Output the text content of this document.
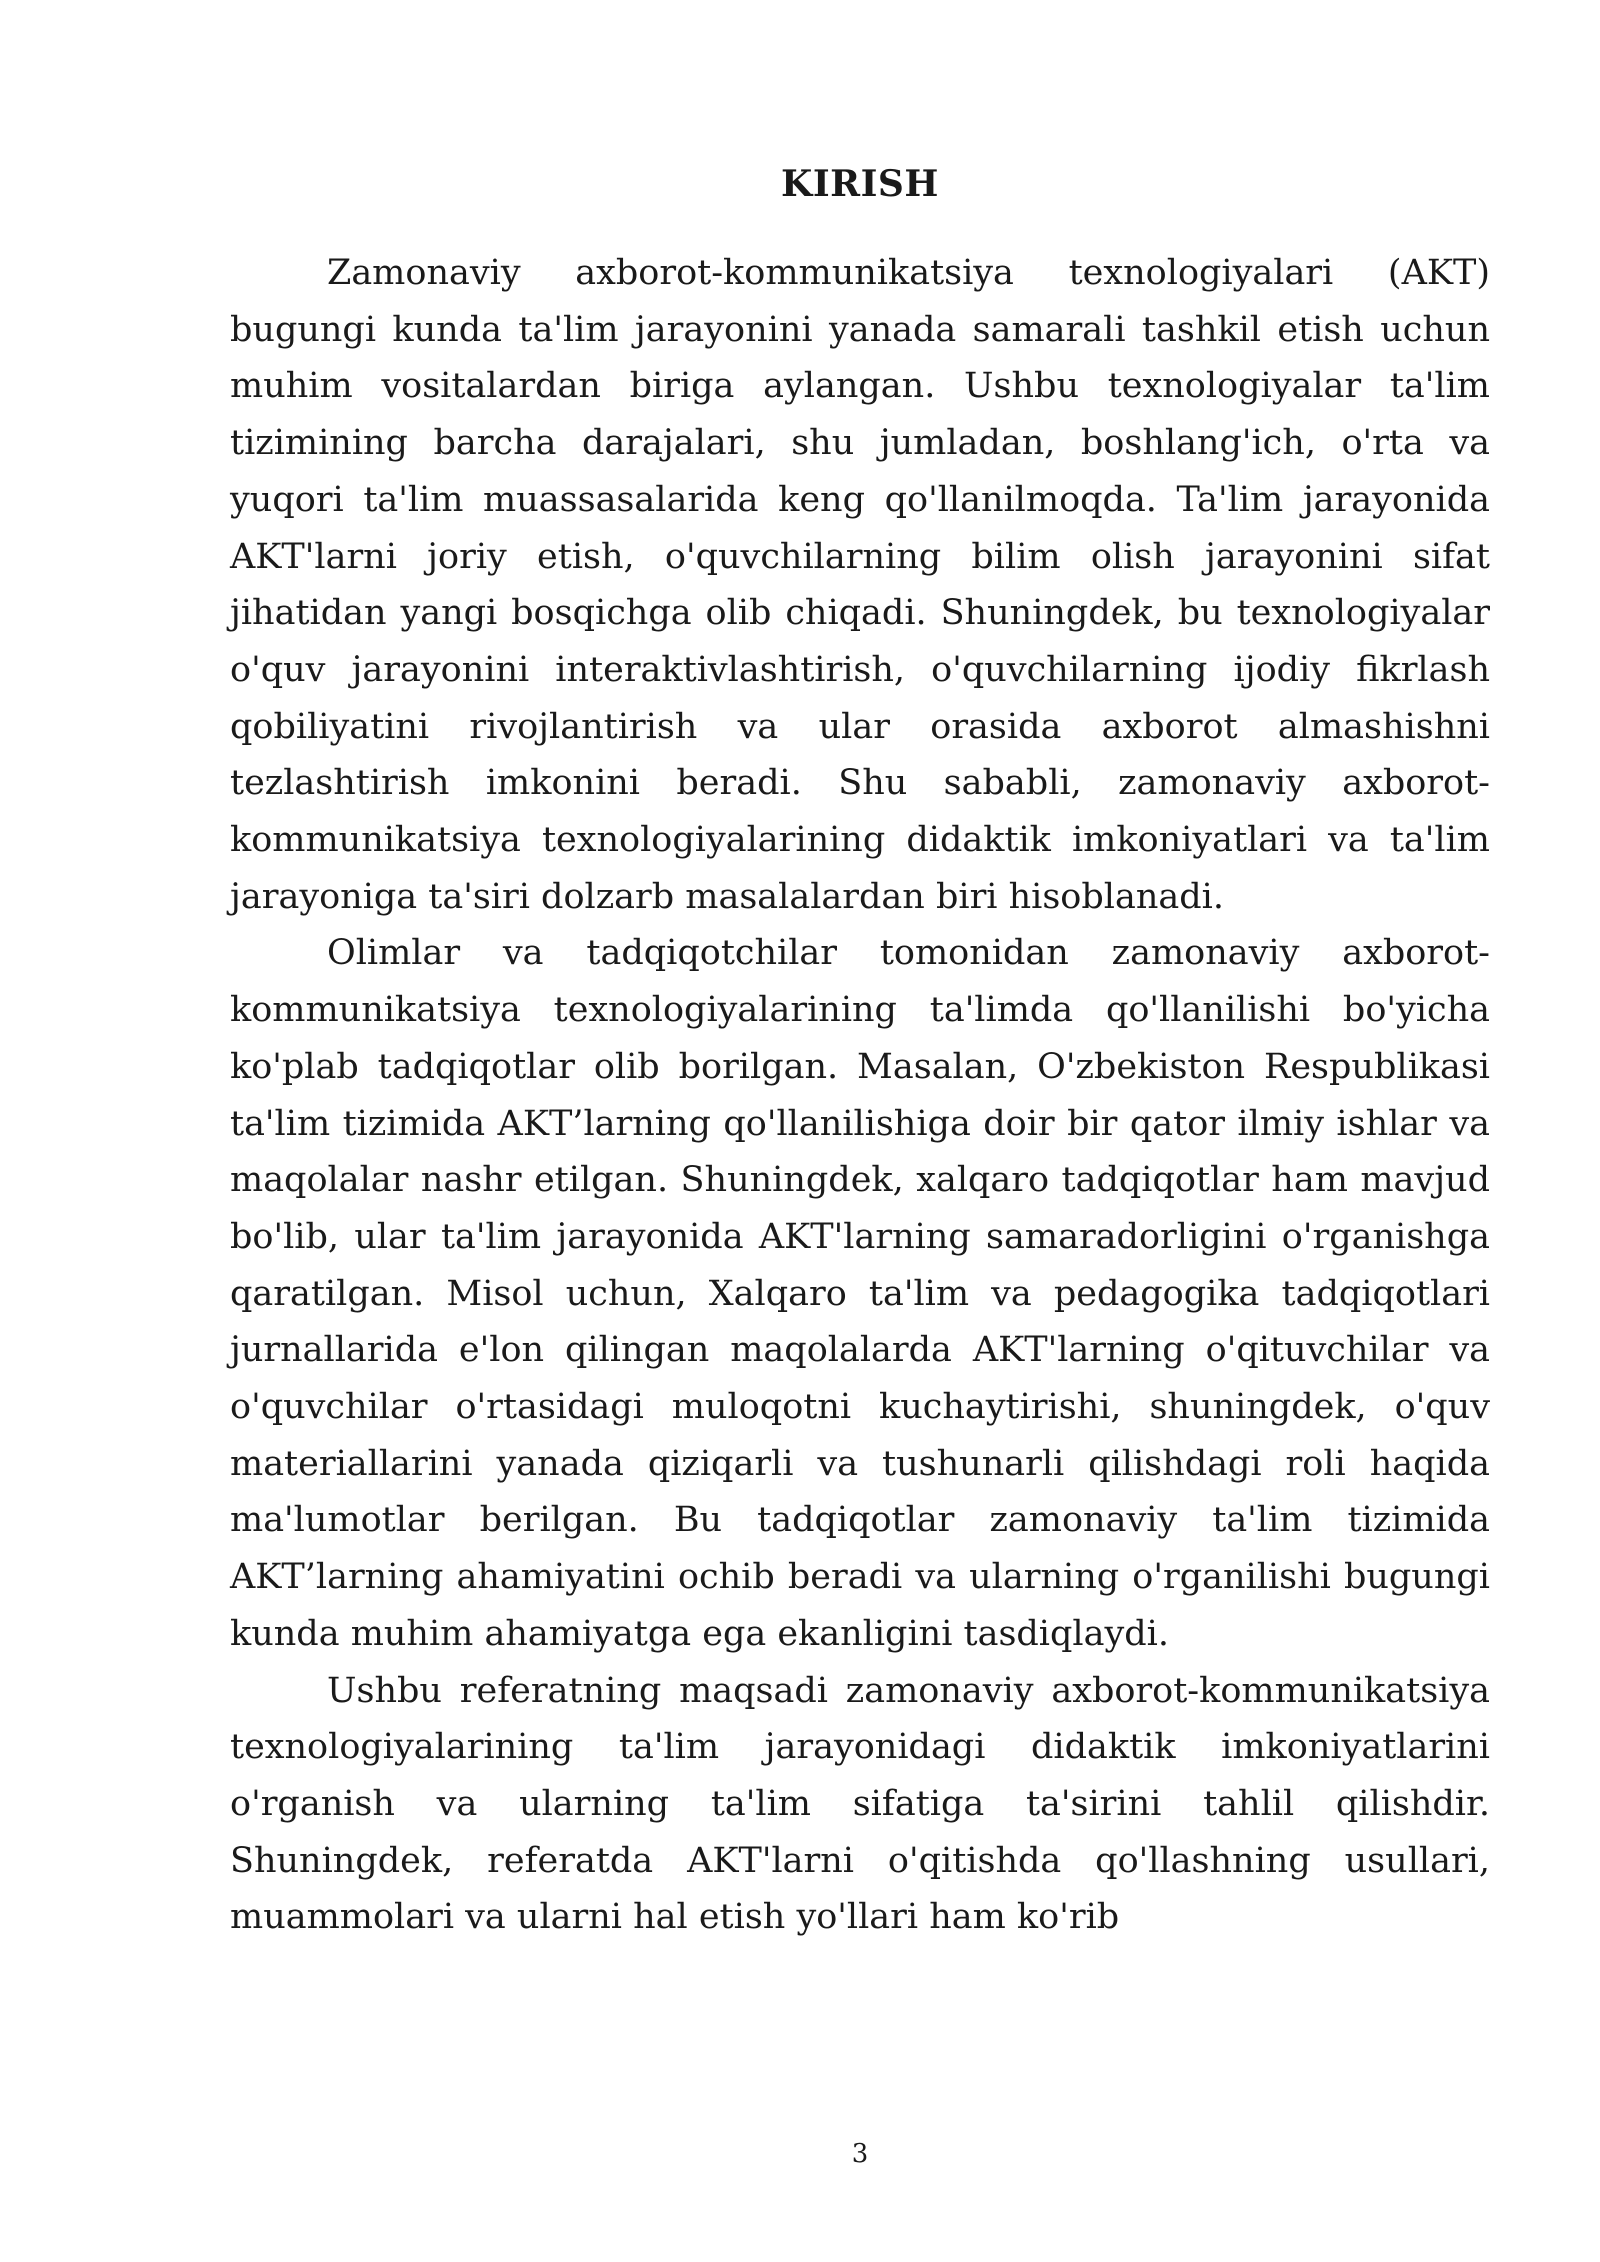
KIRISH

Zamonaviy axborot-kommunikatsiya texnologiyalari (AKT) bugungi kunda ta'lim jarayonini yanada samarali tashkil etish uchun muhim vositalardan biriga aylangan. Ushbu texnologiyalar ta'lim tizimining barcha darajalari, shu jumladan, boshlang'ich, o'rta va yuqori ta'lim muassasalarida keng qo'llanilmoqda. Ta'lim jarayonida AKT'larni joriy etish, o'quvchilarning bilim olish jarayonini sifat jihatidan yangi bosqichga olib chiqadi. Shuningdek, bu texnologiyalar o'quv jarayonini interaktivlashtirish, o'quvchilarning ijodiy fikrlash qobiliyatini rivojlantirish va ular orasida axborot almashishni tezlashtirish imkonini beradi. Shu sababli, zamonaviy axborot-kommunikatsiya texnologiyalarining didaktik imkoniyatlari va ta'lim jarayoniga ta'siri dolzarb masalalardan biri hisoblanadi.

Olimlar va tadqiqotchilar tomonidan zamonaviy axborot-kommunikatsiya texnologiyalarining ta'limda qo'llanilishi bo'yicha ko'plab tadqiqotlar olib borilgan. Masalan, O'zbekiston Respublikasi ta'lim tizimida AKT’larning qo'llanilishiga doir bir qator ilmiy ishlar va maqolalar nashr etilgan. Shuningdek, xalqaro tadqiqotlar ham mavjud bo'lib, ular ta'lim jarayonida AKT'larning samaradorligini o'rganishga qaratilgan. Misol uchun, Xalqaro ta'lim va pedagogika tadqiqotlari jurnallarida e'lon qilingan maqolalarda AKT'larning o'qituvchilar va o'quvchilar o'rtasidagi muloqotni kuchaytirishi, shuningdek, o'quv materiallarini yanada qiziqarli va tushunarli qilishdagi roli haqida ma'lumotlar berilgan. Bu tadqiqotlar zamonaviy ta'lim tizimida AKT’larning ahamiyatini ochib beradi va ularning o'rganilishi bugungi kunda muhim ahamiyatga ega ekanligini tasdiqlaydi.

Ushbu referatning maqsadi zamonaviy axborot-kommunikatsiya texnologiyalarining ta'lim jarayonidagi didaktik imkoniyatlarini o'rganish va ularning ta'lim sifatiga ta'sirini tahlil qilishdir. Shuningdek, referatda AKT'larni o'qitishda qo'llashning usullari, muammolari va ularni hal etish yo'llari ham ko'rib

3
